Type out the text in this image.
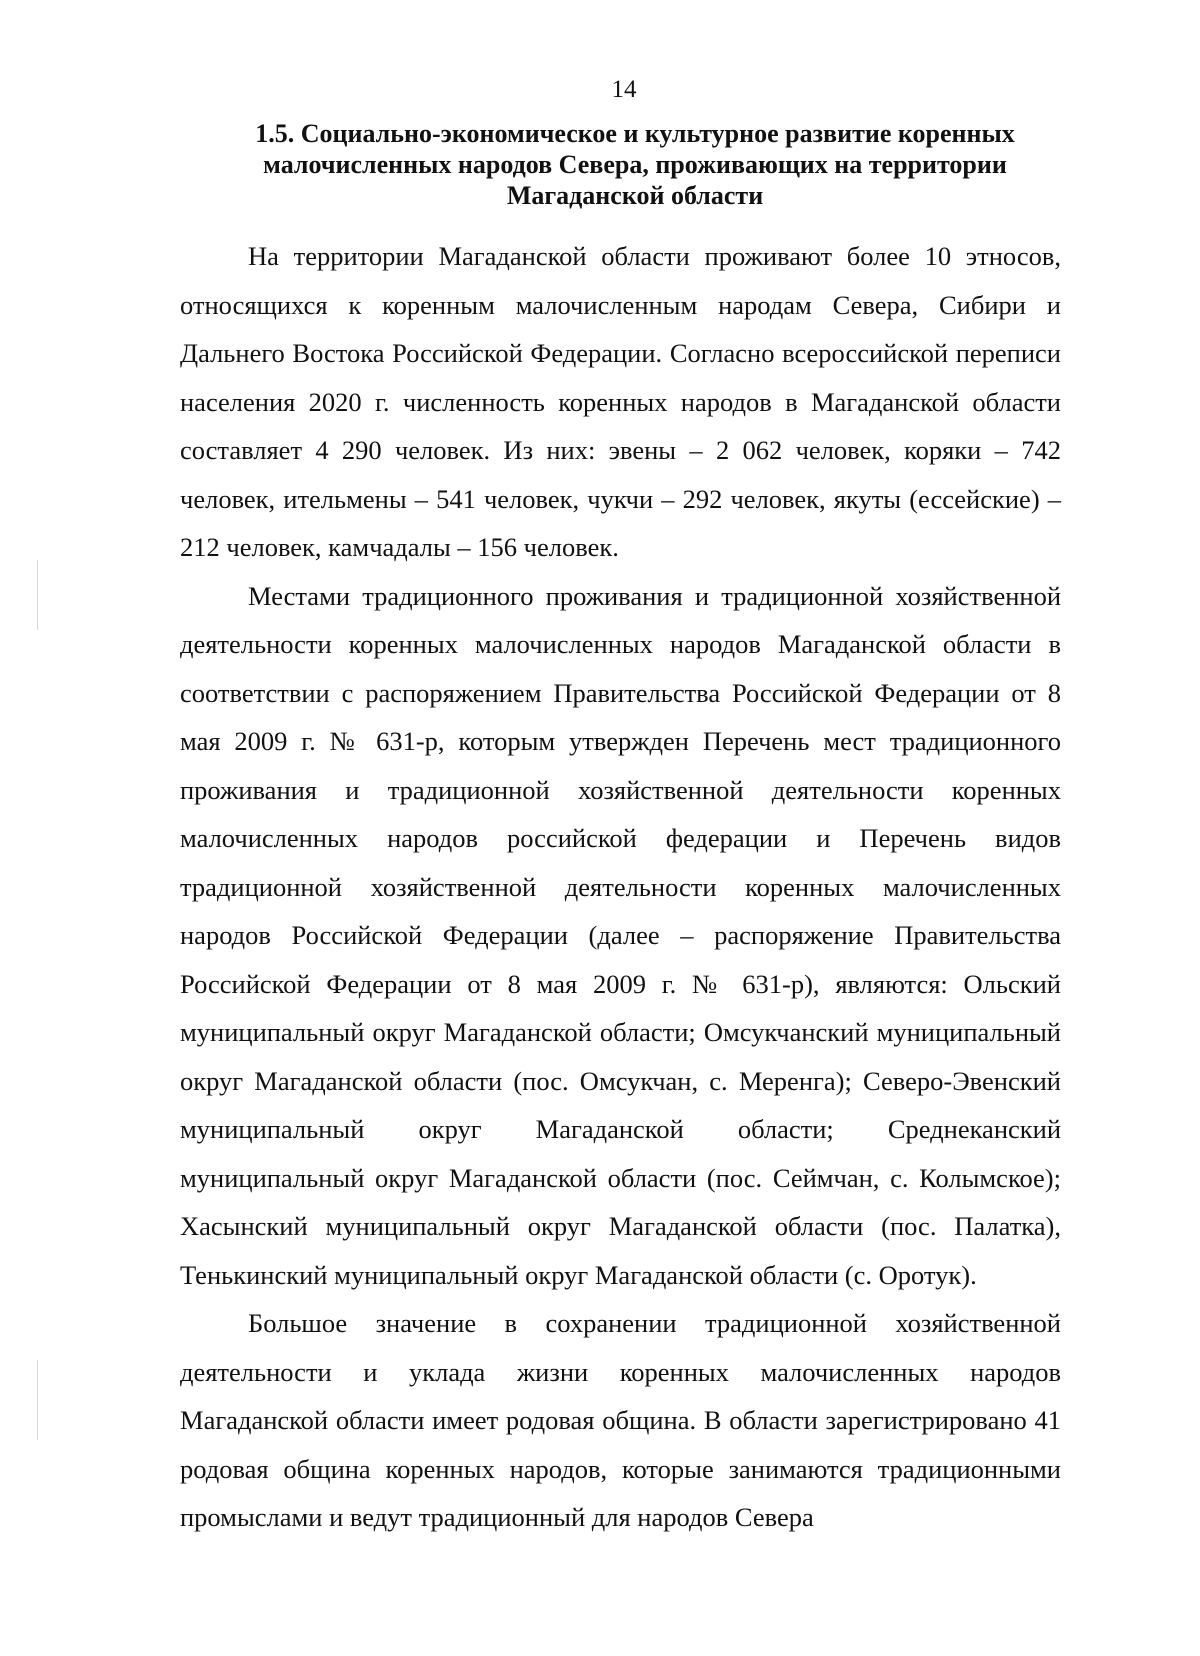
14
1.5. Социально-экономическое и культурное развитие коренных
малочисленных народов Севера, проживающих на территории
Магаданской области

На территории Магаданской области проживают более 10 этносов, относящихся к коренным малочисленным народам Севера, Сибири и Дальнего Востока Российской Федерации. Согласно всероссийской переписи населения 2020 г. численность коренных народов в Магаданской области составляет 4 290 человек. Из них: эвены – 2 062 человек, коряки – 742 человек, ительмены – 541 человек, чукчи – 292 человек, якуты (ессейские) – 212 человек, камчадалы – 156 человек.

Местами традиционного проживания и традиционной хозяйственной деятельности коренных малочисленных народов Магаданской области в соответствии с распоряжением Правительства Российской Федерации от 8 мая 2009 г. № 631-р, которым утвержден Перечень мест традиционного проживания и традиционной хозяйственной деятельности коренных малочисленных народов российской федерации и Перечень видов традиционной хозяйственной деятельности коренных малочисленных народов Российской Федерации (далее – распоряжение Правительства Российской Федерации от 8 мая 2009 г. № 631-р), являются: Ольский муниципальный округ Магаданской области; Омсукчанский муниципальный округ Магаданской области (пос. Омсукчан, с. Меренга); Северо-Эвенский муниципальный округ Магаданской области; Среднеканский муниципальный округ Магаданской области (пос. Сеймчан, с. Колымское); Хасынский муниципальный округ Магаданской области (пос. Палатка), Тенькинский муниципальный округ Магаданской области (с. Оротук).

Большое значение в сохранении традиционной хозяйственной деятельности и уклада жизни коренных малочисленных народов Магаданской области имеет родовая община. В области зарегистрировано 41 родовая община коренных народов, которые занимаются традиционными промыслами и ведут традиционный для народов Севера
